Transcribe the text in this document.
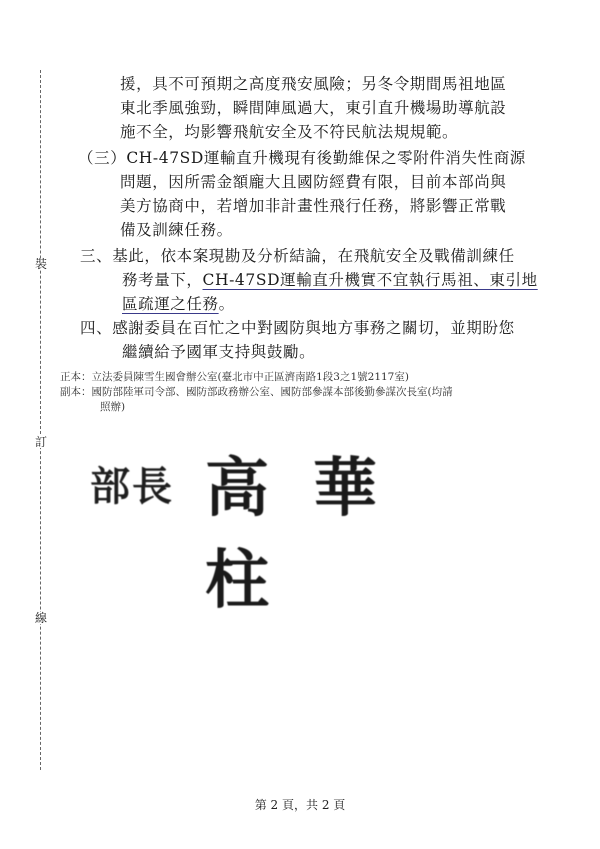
裝
訂
線
援，具不可預期之高度飛安風險；另冬令期間馬祖地區
東北季風強勁，瞬間陣風過大，東引直升機場助導航設
施不全，均影響飛航安全及不符民航法規規範。
（三）CH-47SD運輸直升機現有後勤維保之零附件消失性商源
問題，因所需金額龐大且國防經費有限，目前本部尚與
美方協商中，若增加非計畫性飛行任務，將影響正常戰
備及訓練任務。
三、基此，依本案現勘及分析結論，在飛航安全及戰備訓練任
務考量下，CH-47SD運輸直升機實不宜執行馬祖、東引地
區疏運之任務。
四、感謝委員在百忙之中對國防與地方事務之關切，並期盼您
繼續給予國軍支持與鼓勵。
正本：立法委員陳雪生國會辦公室(臺北市中正區濟南路1段3之1號2117室)
副本：國防部陸軍司令部、國防部政務辦公室、國防部參謀本部後勤參謀次長室(均請
照辦)
部長 高華柱
第 2 頁，共 2 頁
